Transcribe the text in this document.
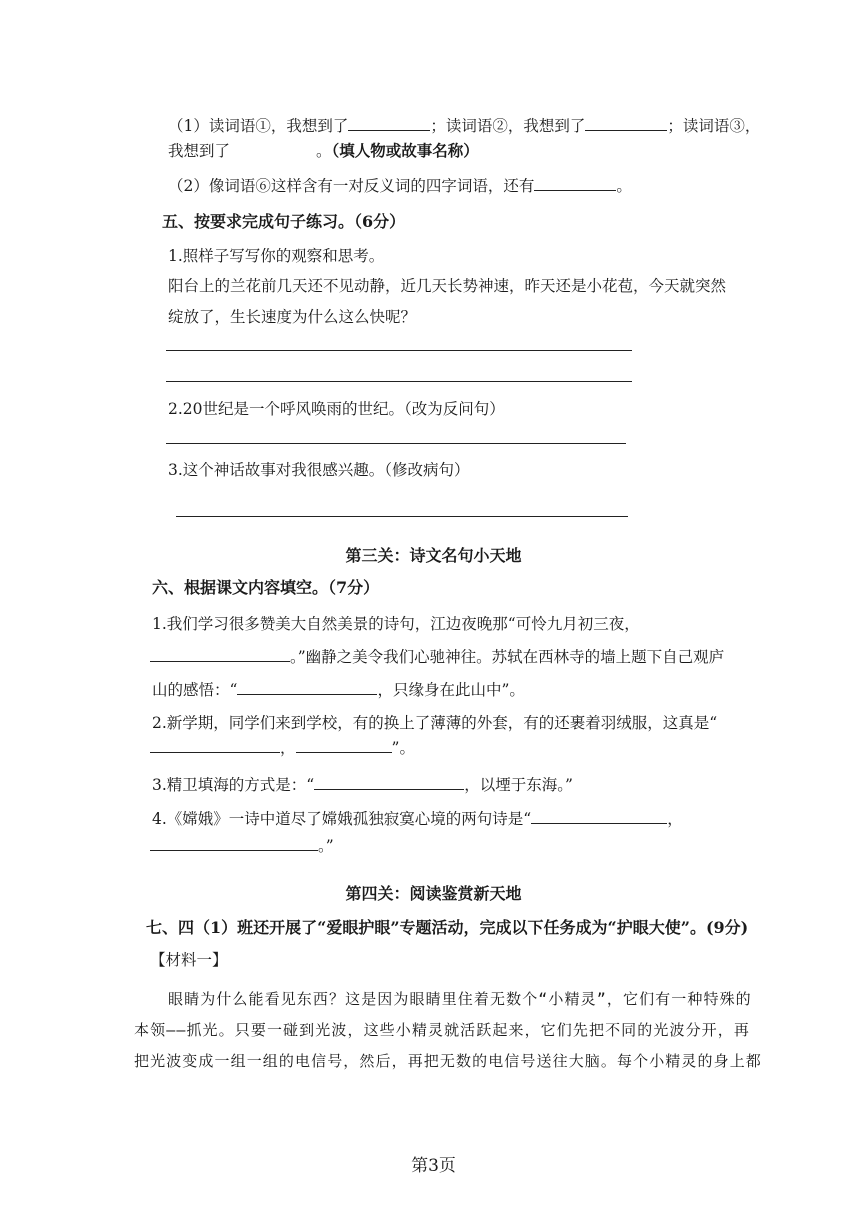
（1）读词语①，我想到了	；读词语②，我想到了	；读词语③，
我想到了	。（填人物或故事名称）
（2）像词语⑥这样含有一对反义词的四字词语，还有	。
五、按要求完成句子练习。（6分）
1.照样子写写你的观察和思考。
阳台上的兰花前几天还不见动静，近几天长势神速，昨天还是小花苞，今天就突然
绽放了，生长速度为什么这么快呢？
2.20世纪是一个呼风唤雨的世纪。（改为反问句）
3.这个神话故事对我很感兴趣。（修改病句）
第三关：诗文名句小天地
六、根据课文内容填空。（7分）
1.我们学习很多赞美大自然美景的诗句，江边夜晚那“可怜九月初三夜，
。”幽静之美令我们心驰神往。苏轼在西林寺的墙上题下自己观庐
山的感悟：“	，只缘身在此山中”。
2.新学期，同学们来到学校，有的换上了薄薄的外套，有的还裹着羽绒服，这真是“
，	”。
3.精卫填海的方式是：“	，以堙于东海。”
4.《嫦娥》一诗中道尽了嫦娥孤独寂寞心境的两句诗是“	，
。”
第四关：阅读鉴赏新天地
七、四（1）班还开展了“爱眼护眼”专题活动，完成以下任务成为“护眼大使”。(9分)
【材料一】
眼睛为什么能看见东西？这是因为眼睛里住着无数个“小精灵”，它们有一种特殊的
本领——抓光。只要一碰到光波，这些小精灵就活跃起来，它们先把不同的光波分开，再
把光波变成一组一组的电信号，然后，再把无数的电信号送往大脑。每个小精灵的身上都
第3页
